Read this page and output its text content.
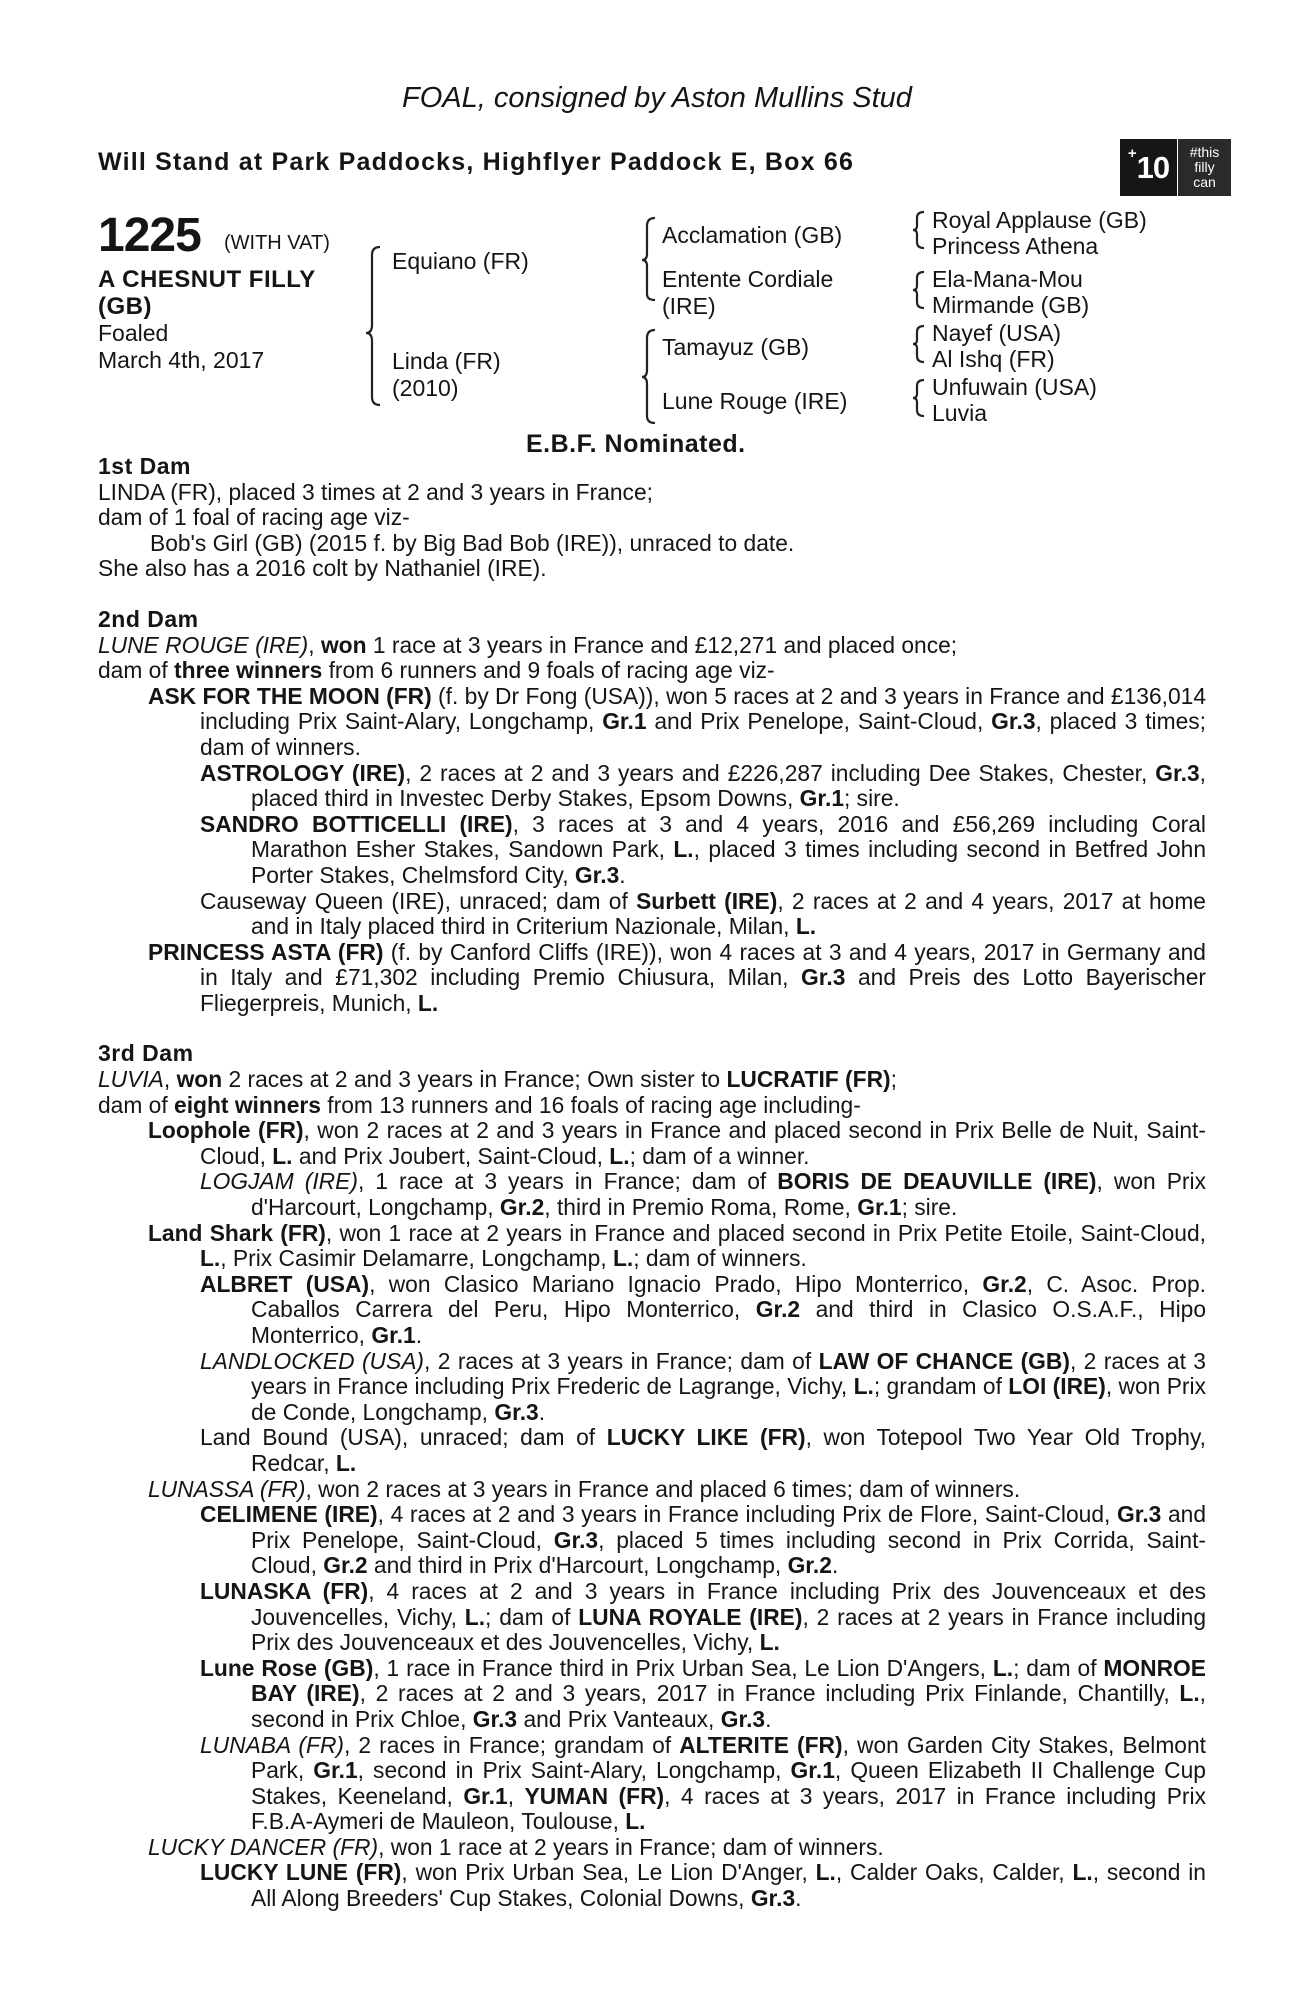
FOAL, consigned by Aston Mullins Stud
Will Stand at Park Paddocks, Highflyer Paddock E, Box 66	+ 10 #this
filly
can
1225 (WITH VAT)
A CHESNUT FILLY
(GB)
Foaled
March 4th, 2017
Equiano (FR)
Linda (FR)
(2010)
Acclamation (GB)
Entente Cordiale
(IRE)
Tamayuz (GB)
Lune Rouge (IRE)
Royal Applause (GB)
Princess Athena
Ela-Mana-Mou
Mirmande (GB)
Nayef (USA)
Al Ishq (FR)
Unfuwain (USA)
Luvia
E.B.F. Nominated.

1st Dam

LINDA (FR), placed 3 times at 2 and 3 years in France;

dam of 1 foal of racing age viz-

Bob's Girl (GB) (2015 f. by Big Bad Bob (IRE)), unraced to date.

She also has a 2016 colt by Nathaniel (IRE).

2nd Dam

LUNE ROUGE (IRE), won 1 race at 3 years in France and £12,271 and placed once;

dam of three winners from 6 runners and 9 foals of racing age viz-

ASK FOR THE MOON (FR) (f. by Dr Fong (USA)), won 5 races at 2 and 3 years in France and £136,014 including Prix Saint-Alary, Longchamp, Gr.1 and Prix Penelope, Saint-Cloud, Gr.3, placed 3 times; dam of winners.

ASTROLOGY (IRE), 2 races at 2 and 3 years and £226,287 including Dee Stakes, Chester, Gr.3, placed third in Investec Derby Stakes, Epsom Downs, Gr.1; sire.

SANDRO BOTTICELLI (IRE), 3 races at 3 and 4 years, 2016 and £56,269 including Coral Marathon Esher Stakes, Sandown Park, L., placed 3 times including second in Betfred John Porter Stakes, Chelmsford City, Gr.3.

Causeway Queen (IRE), unraced; dam of Surbett (IRE), 2 races at 2 and 4 years, 2017 at home and in Italy placed third in Criterium Nazionale, Milan, L.

PRINCESS ASTA (FR) (f. by Canford Cliffs (IRE)), won 4 races at 3 and 4 years, 2017 in Germany and in Italy and £71,302 including Premio Chiusura, Milan, Gr.3 and Preis des Lotto Bayerischer Fliegerpreis, Munich, L.

3rd Dam

LUVIA, won 2 races at 2 and 3 years in France; Own sister to LUCRATIF (FR);

dam of eight winners from 13 runners and 16 foals of racing age including-

Loophole (FR), won 2 races at 2 and 3 years in France and placed second in Prix Belle de Nuit, Saint-Cloud, L. and Prix Joubert, Saint-Cloud, L.; dam of a winner.

LOGJAM (IRE), 1 race at 3 years in France; dam of BORIS DE DEAUVILLE (IRE), won Prix d'Harcourt, Longchamp, Gr.2, third in Premio Roma, Rome, Gr.1; sire.

Land Shark (FR), won 1 race at 2 years in France and placed second in Prix Petite Etoile, Saint-Cloud, L., Prix Casimir Delamarre, Longchamp, L.; dam of winners.

ALBRET (USA), won Clasico Mariano Ignacio Prado, Hipo Monterrico, Gr.2, C. Asoc. Prop. Caballos Carrera del Peru, Hipo Monterrico, Gr.2 and third in Clasico O.S.A.F., Hipo Monterrico, Gr.1.

LANDLOCKED (USA), 2 races at 3 years in France; dam of LAW OF CHANCE (GB), 2 races at 3 years in France including Prix Frederic de Lagrange, Vichy, L.; grandam of LOI (IRE), won Prix de Conde, Longchamp, Gr.3.

Land Bound (USA), unraced; dam of LUCKY LIKE (FR), won Totepool Two Year Old Trophy, Redcar, L.

LUNASSA (FR), won 2 races at 3 years in France and placed 6 times; dam of winners.

CELIMENE (IRE), 4 races at 2 and 3 years in France including Prix de Flore, Saint-Cloud, Gr.3 and Prix Penelope, Saint-Cloud, Gr.3, placed 5 times including second in Prix Corrida, Saint-Cloud, Gr.2 and third in Prix d'Harcourt, Longchamp, Gr.2.

LUNASKA (FR), 4 races at 2 and 3 years in France including Prix des Jouvenceaux et des Jouvencelles, Vichy, L.; dam of LUNA ROYALE (IRE), 2 races at 2 years in France including Prix des Jouvenceaux et des Jouvencelles, Vichy, L.

Lune Rose (GB), 1 race in France third in Prix Urban Sea, Le Lion D'Angers, L.; dam of MONROE BAY (IRE), 2 races at 2 and 3 years, 2017 in France including Prix Finlande, Chantilly, L., second in Prix Chloe, Gr.3 and Prix Vanteaux, Gr.3.

LUNABA (FR), 2 races in France; grandam of ALTERITE (FR), won Garden City Stakes, Belmont Park, Gr.1, second in Prix Saint-Alary, Longchamp, Gr.1, Queen Elizabeth II Challenge Cup Stakes, Keeneland, Gr.1, YUMAN (FR), 4 races at 3 years, 2017 in France including Prix F.B.A-Aymeri de Mauleon, Toulouse, L.

LUCKY DANCER (FR), won 1 race at 2 years in France; dam of winners.

LUCKY LUNE (FR), won Prix Urban Sea, Le Lion D'Anger, L., Calder Oaks, Calder, L., second in All Along Breeders' Cup Stakes, Colonial Downs, Gr.3.
